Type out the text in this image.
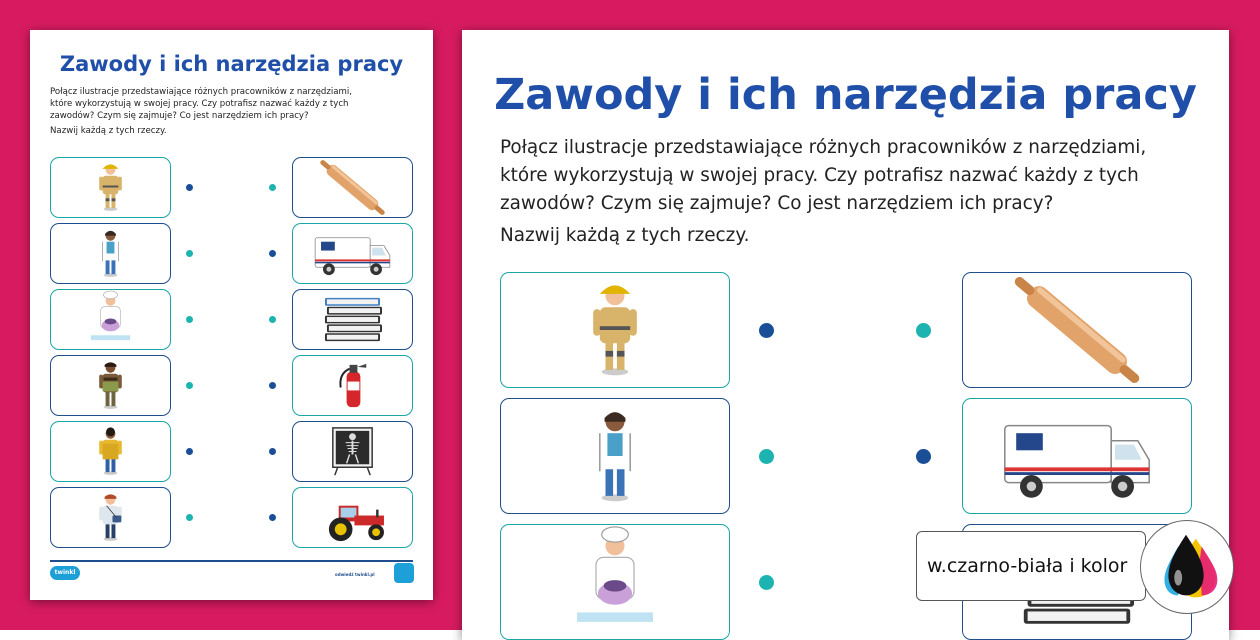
Zawody i ich narzędzia pracy

Połącz ilustracje przedstawiające różnych pracowników z narzędziami,

które wykorzystują w swojej pracy. Czy potrafisz nazwać każdy z tych

zawodów? Czym się zajmuje? Co jest narzędziem ich pracy?

Nazwij każdą z tych rzeczy.

twinkl	odwiedź twinkl.pl
Zawody i ich narzędzia pracy

Połącz ilustracje przedstawiające różnych pracowników z narzędziami,

które wykorzystują w swojej pracy. Czy potrafisz nazwać każdy z tych

zawodów? Czym się zajmuje? Co jest narzędziem ich pracy?

Nazwij każdą z tych rzeczy.

w.czarno-biała i kolor
